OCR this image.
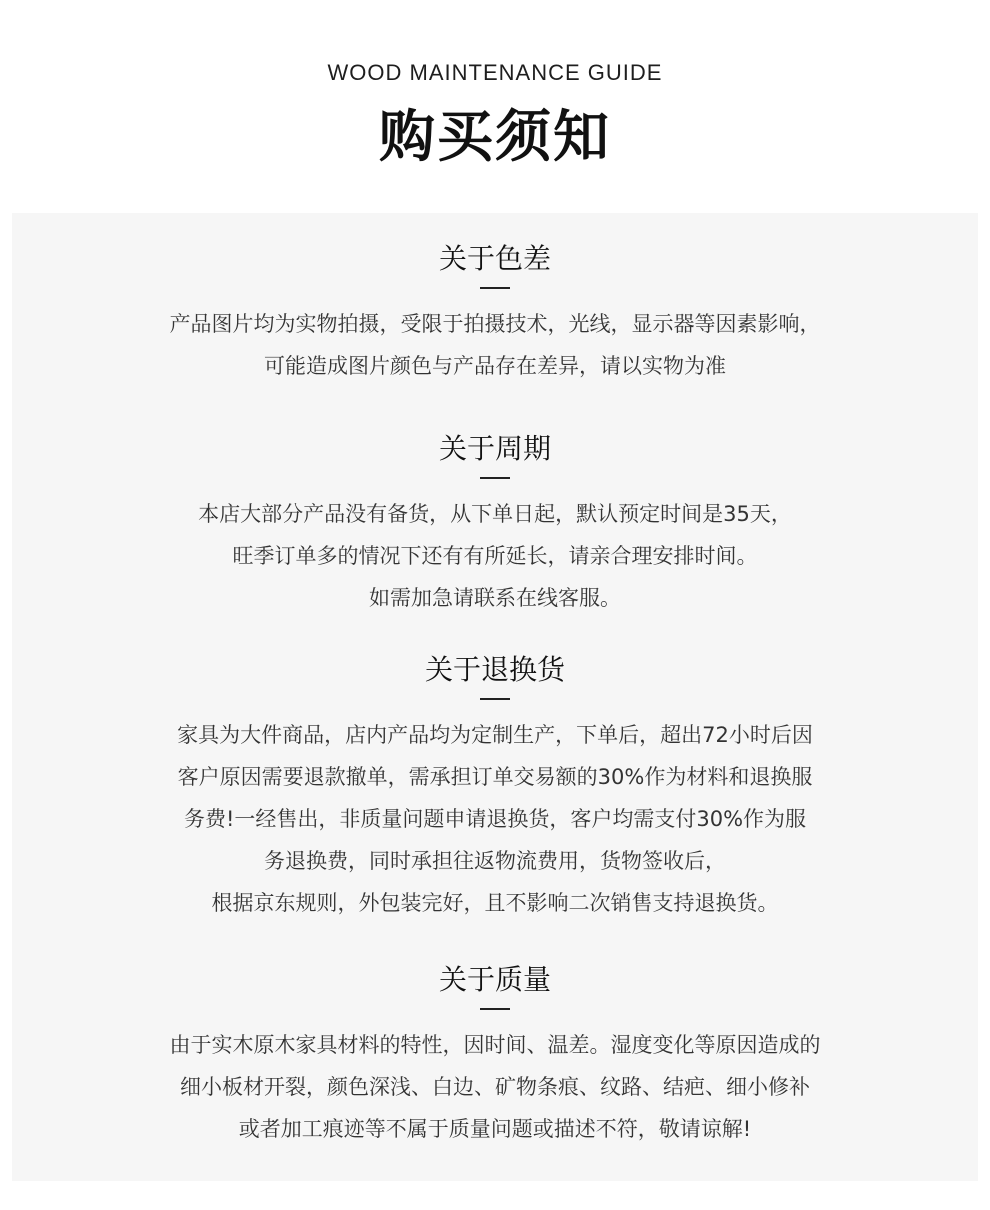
WOOD MAINTENANCE GUIDE
购买须知
关于色差
产品图片均为实物拍摄，受限于拍摄技术，光线，显示器等因素影响，
可能造成图片颜色与产品存在差异，请以实物为准
关于周期
本店大部分产品没有备货，从下单日起，默认预定时间是35天，
旺季订单多的情况下还有有所延长，请亲合理安排时间。
如需加急请联系在线客服。
关于退换货
家具为大件商品，店内产品均为定制生产，下单后，超出72小时后因
客户原因需要退款撤单，需承担订单交易额的30%作为材料和退换服
务费!一经售出，非质量问题申请退换货，客户均需支付30%作为服
务退换费，同时承担往返物流费用，货物签收后，
根据京东规则，外包装完好，且不影响二次销售支持退换货。
关于质量
由于实木原木家具材料的特性，因时间、温差。湿度变化等原因造成的
细小板材开裂，颜色深浅、白边、矿物条痕、纹路、结疤、细小修补
或者加工痕迹等不属于质量问题或描述不符，敬请谅解!
